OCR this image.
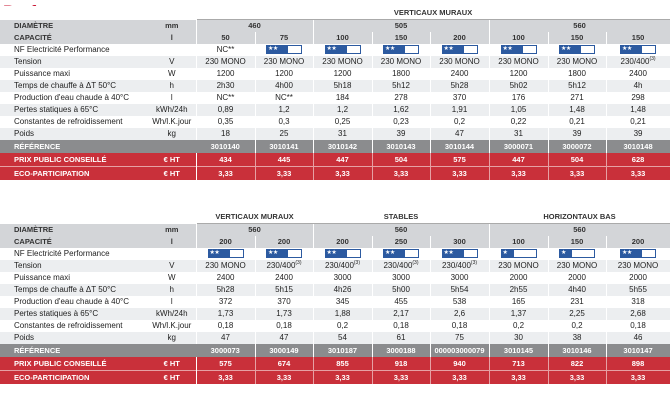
		VERTICAUX MURAUX							
DIAMÈTRE	mm	460		505			560		
CAPACITÉ	l	50	75	100	150	200	100	150	150
NF Electricité Performance		NC**	★★	★★	★★	★★	★★	★★	★★

Tension	V	230 MONO	230 MONO	230 MONO	230 MONO	230 MONO	230 MONO	230 MONO	230/400$^{(3)}$
Puissance maxi	W	1200	1200	1200	1800	2400	1200	1800	2400
Temps de chauffe à ΔT 50°C	h	2h30	4h00	5h18	5h12	5h28	5h02	5h12	4h
Production d'eau chaude à 40°C	l	NC**	NC**	184	278	370	176	271	298
Pertes statiques à 65°C	kWh/24h	0,89	1,2	1,2	1,62	1,91	1,05	1,48	1,48
Constantes de refroidissement	Wh/l.K.jour	0,35	0,3	0,25	0,23	0,2	0,22	0,21	0,21
Poids	kg	18	25	31	39	47	31	39	39
RÉFÉRENCE		3010140	3010141	3010142	3010143	3010144	3000071	3000072	3010148
PRIX PUBLIC CONSEILLÉ	€ HT	434	445	447	504	575	447	504	628
ECO-PARTICIPATION	€ HT	3,33	3,33	3,33	3,33	3,33	3,33	3,33	3,33
		VERTICAUX MURAUX		STABLES			HORIZONTAUX BAS		
DIAMÈTRE	mm	560		560			560		
CAPACITÉ	l	200	200	200	250	300	100	150	200
NF Electricité Performance		★★	★★	★★	★★	★★	★	★	★★

Tension	V	230 MONO	230/400$^{(3)}$	230/400$^{(3)}$	230/400$^{(3)}$	230/400$^{(3)}$	230 MONO	230 MONO	230 MONO
Puissance maxi	W	2400	2400	3000	3000	3000	2000	2000	2000
Temps de chauffe à ΔT 50°C	h	5h28	5h15	4h26	5h00	5h54	2h55	4h40	5h55
Production d'eau chaude à 40°C	l	372	370	345	455	538	165	231	318
Pertes statiques à 65°C	kWh/24h	1,73	1,73	1,88	2,17	2,6	1,37	2,25	2,68
Constantes de refroidissement	Wh/l.K.jour	0,18	0,18	0,2	0,18	0,18	0,2	0,2	0,18
Poids	kg	47	47	54	61	75	30	38	46
RÉFÉRENCE		3000073	3000149	3010187	3000188	000003000079	3010145	3010146	3010147
PRIX PUBLIC CONSEILLÉ	€ HT	575	674	855	918	940	713	822	898
ECO-PARTICIPATION	€ HT	3,33	3,33	3,33	3,33	3,33	3,33	3,33	3,33
